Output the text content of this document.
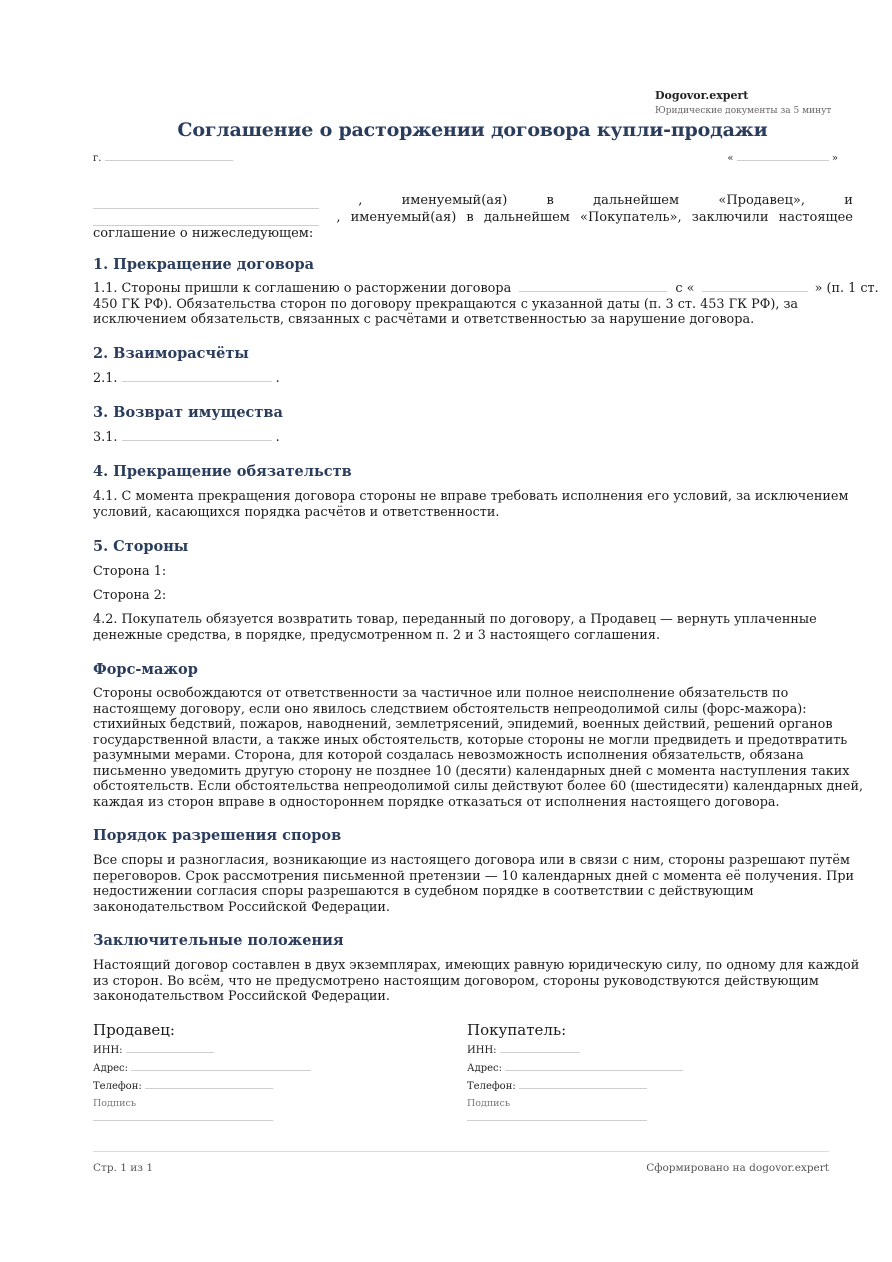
Dogovor.expert
Юридические документы за 5 минут
Соглашение о расторжении договора купли-продажи
г.	«	»
,	именуемый(ая)	в	дальнейшем	«Продавец»,	и
, именуемый(ая) в дальнейшем «Покупатель», заключили настоящее
соглашение о нижеследующем:
1. Прекращение договора
1.1. Стороны пришли к соглашению о расторжении договора	с «	» (п. 1 ст. 450 ГК РФ). Обязательства сторон по договору прекращаются с указанной даты (п. 3 ст. 453 ГК РФ), за исключением обязательств, связанных с расчётами и ответственностью за нарушение договора.
2. Взаиморасчёты
2.1.	.
3. Возврат имущества
3.1.	.
4. Прекращение обязательств

4.1. С момента прекращения договора стороны не вправе требовать исполнения его условий, за исключением условий, касающихся порядка расчётов и ответственности.

5. Стороны

Сторона 1:

Сторона 2:

4.2. Покупатель обязуется возвратить товар, переданный по договору, а Продавец — вернуть уплаченные денежные средства, в порядке, предусмотренном п. 2 и 3 настоящего соглашения.

Форс-мажор

Стороны освобождаются от ответственности за частичное или полное неисполнение обязательств по настоящему договору, если оно явилось следствием обстоятельств непреодолимой силы (форс-мажора): стихийных бедствий, пожаров, наводнений, землетрясений, эпидемий, военных действий, решений органов государственной власти, а также иных обстоятельств, которые стороны не могли предвидеть и предотвратить разумными мерами. Сторона, для которой создалась невозможность исполнения обязательств, обязана письменно уведомить другую сторону не позднее 10 (десяти) календарных дней с момента наступления таких обстоятельств. Если обстоятельства непреодолимой силы действуют более 60 (шестидесяти) календарных дней, каждая из сторон вправе в одностороннем порядке отказаться от исполнения настоящего договора.

Порядок разрешения споров

Все споры и разногласия, возникающие из настоящего договора или в связи с ним, стороны разрешают путём переговоров. Срок рассмотрения письменной претензии — 10 календарных дней с момента её получения. При недостижении согласия споры разрешаются в судебном порядке в соответствии с действующим законодательством Российской Федерации.

Заключительные положения

Настоящий договор составлен в двух экземплярах, имеющих равную юридическую силу, по одному для каждой из сторон. Во всём, что не предусмотрено настоящим договором, стороны руководствуются действующим законодательством Российской Федерации.

Продавец:
ИНН:
Адрес:
Телефон:
Подпись
Покупатель:
ИНН:
Адрес:
Телефон:
Подпись
Стр. 1 из 1	Сформировано на dogovor.expert
